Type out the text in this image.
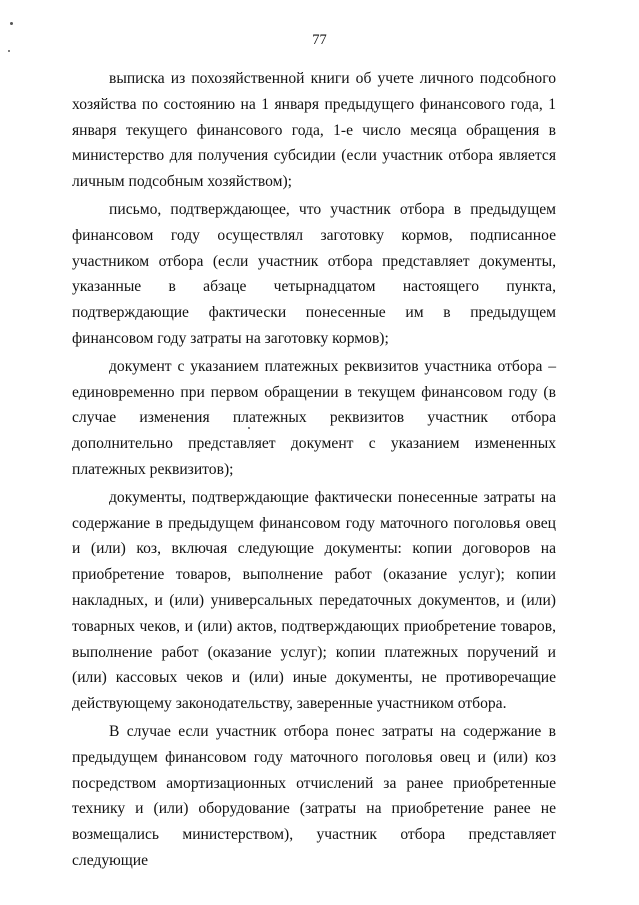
77

выписка из похозяйственной книги об учете личного подсобного хозяйства по состоянию на 1 января предыдущего финансового года, 1 января текущего финансового года, 1-е число месяца обращения в министерство для получения субсидии (если участник отбора является личным подсобным хозяйством);

письмо, подтверждающее, что участник отбора в предыдущем финансовом году осуществлял заготовку кормов, подписанное участником отбора (если участник отбора представляет документы, указанные в абзаце четырнадцатом настоящего пункта, подтверждающие фактически понесенные им в предыдущем финансовом году затраты на заготовку кормов);

документ с указанием платежных реквизитов участника отбора – единовременно при первом обращении в текущем финансовом году (в случае изменения платежных реквизитов участник отбора дополнительно представляет документ с указанием измененных платежных реквизитов);

документы, подтверждающие фактически понесенные затраты на содержание в предыдущем финансовом году маточного поголовья овец и (или) коз, включая следующие документы: копии договоров на приобретение товаров, выполнение работ (оказание услуг); копии накладных, и (или) универсальных передаточных документов, и (или) товарных чеков, и (или) актов, подтверждающих приобретение товаров, выполнение работ (оказание услуг); копии платежных поручений и (или) кассовых чеков и (или) иные документы, не противоречащие действующему законодательству, заверенные участником отбора.

В случае если участник отбора понес затраты на содержание в предыдущем финансовом году маточного поголовья овец и (или) коз посредством амортизационных отчислений за ранее приобретенные технику и (или) оборудование (затраты на приобретение ранее не возмещались министерством), участник отбора представляет следующие
